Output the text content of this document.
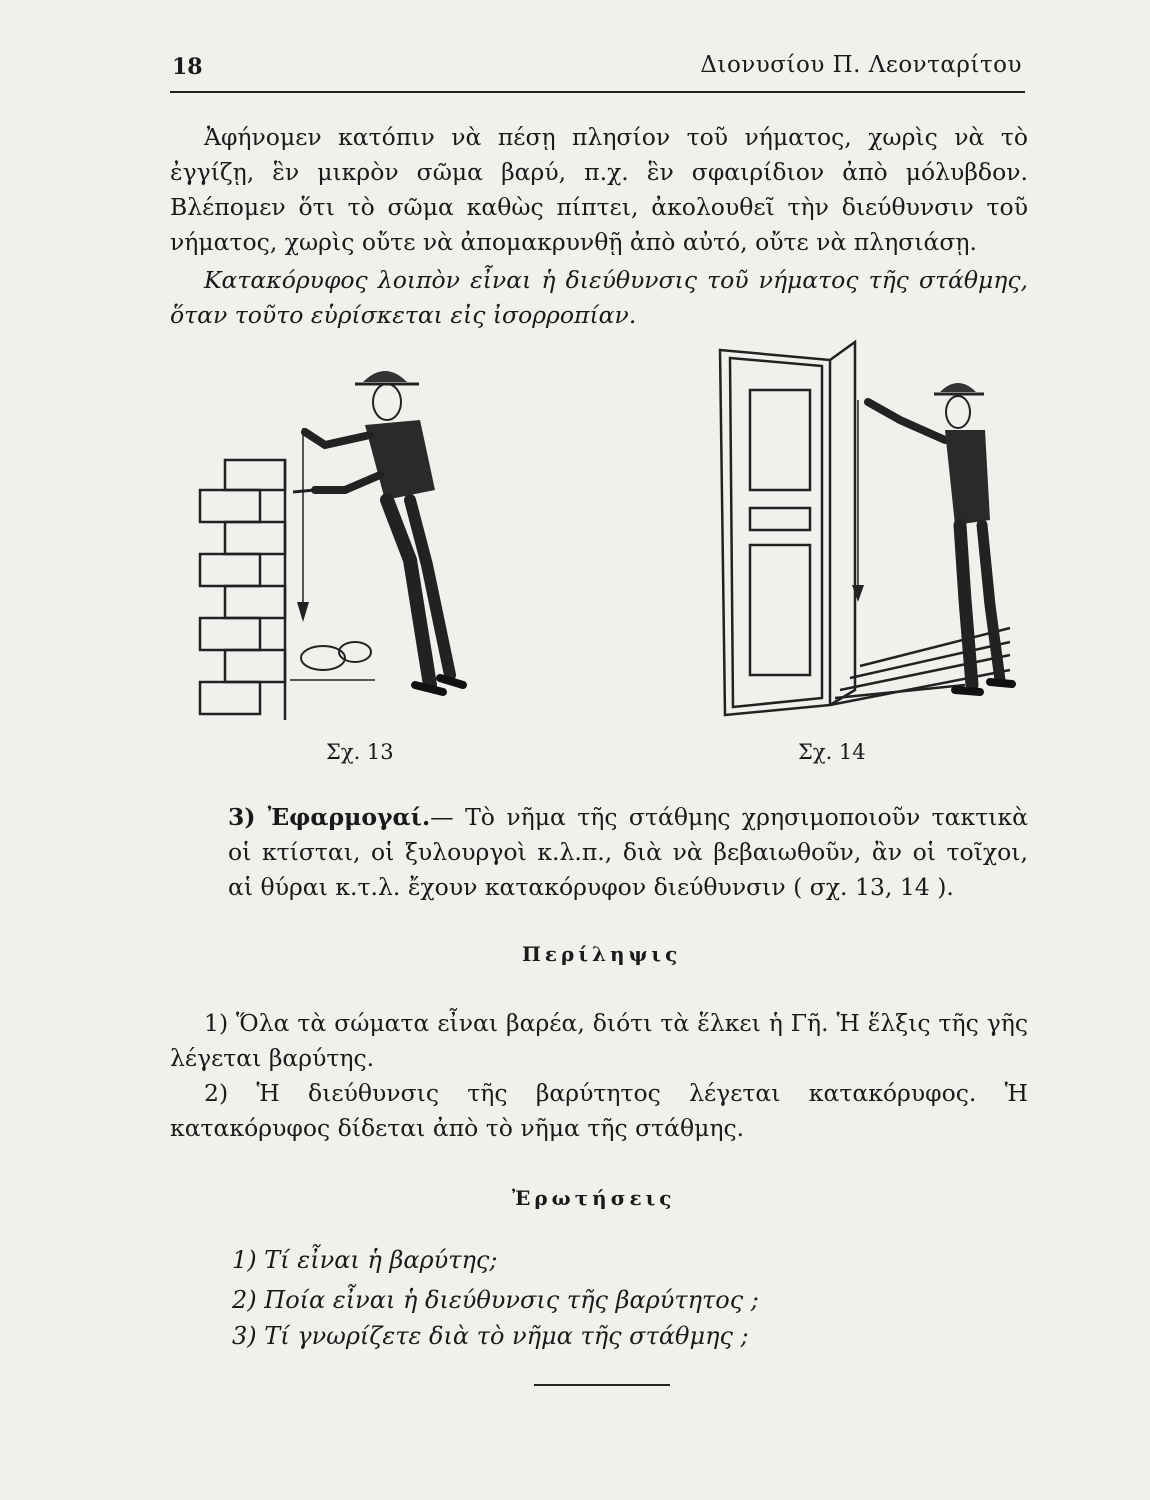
18	Διονυσίου Π. Λεονταρίτου
Ἀφήνομεν κατόπιν νὰ πέσῃ πλησίον τοῦ νήματος, χωρὶς νὰ τὸ ἐγγίζῃ, ἓν μικρὸν σῶμα βαρύ, π.χ. ἓν σφαιρίδιον ἀπὸ μόλυβδον. Βλέπομεν ὅτι τὸ σῶμα καθὼς πίπτει, ἀκολουθεῖ τὴν διεύθυνσιν τοῦ νήματος, χωρὶς οὔτε νὰ ἀπομακρυνθῇ ἀπὸ αὐτό, οὔτε νὰ πλησιάσῃ.
Κατακόρυφος λοιπὸν εἶναι ἡ διεύθυνσις τοῦ νήματος τῆς στάθμης, ὅταν τοῦτο εὑρίσκεται εἰς ἰσορροπίαν.
Σχ. 13	Σχ. 14
3) Ἐφαρμογαί.— Τὸ νῆμα τῆς στάθμης χρησιμοποιοῦν τακτικὰ οἱ κτίσται, οἱ ξυλουργοὶ κ.λ.π., διὰ νὰ βεβαιωθοῦν, ἂν οἱ τοῖχοι, αἱ θύραι κ.τ.λ. ἔχουν κατακόρυφον διεύθυνσιν ( σχ. 13, 14 ).
Περίληψις
1) Ὅλα τὰ σώματα εἶναι βαρέα, διότι τὰ ἕλκει ἡ Γῆ. Ἡ ἕλξις τῆς γῆς λέγεται βαρύτης.
2) Ἡ διεύθυνσις τῆς βαρύτητος λέγεται κατακόρυφος. Ἡ κατακόρυφος δίδεται ἀπὸ τὸ νῆμα τῆς στάθμης.
Ἐρωτήσεις
1) Τί εἶναι ἡ βαρύτης;
2) Ποία εἶναι ἡ διεύθυνσις τῆς βαρύτητος ;
3) Τί γνωρίζετε διὰ τὸ νῆμα τῆς στάθμης ;
